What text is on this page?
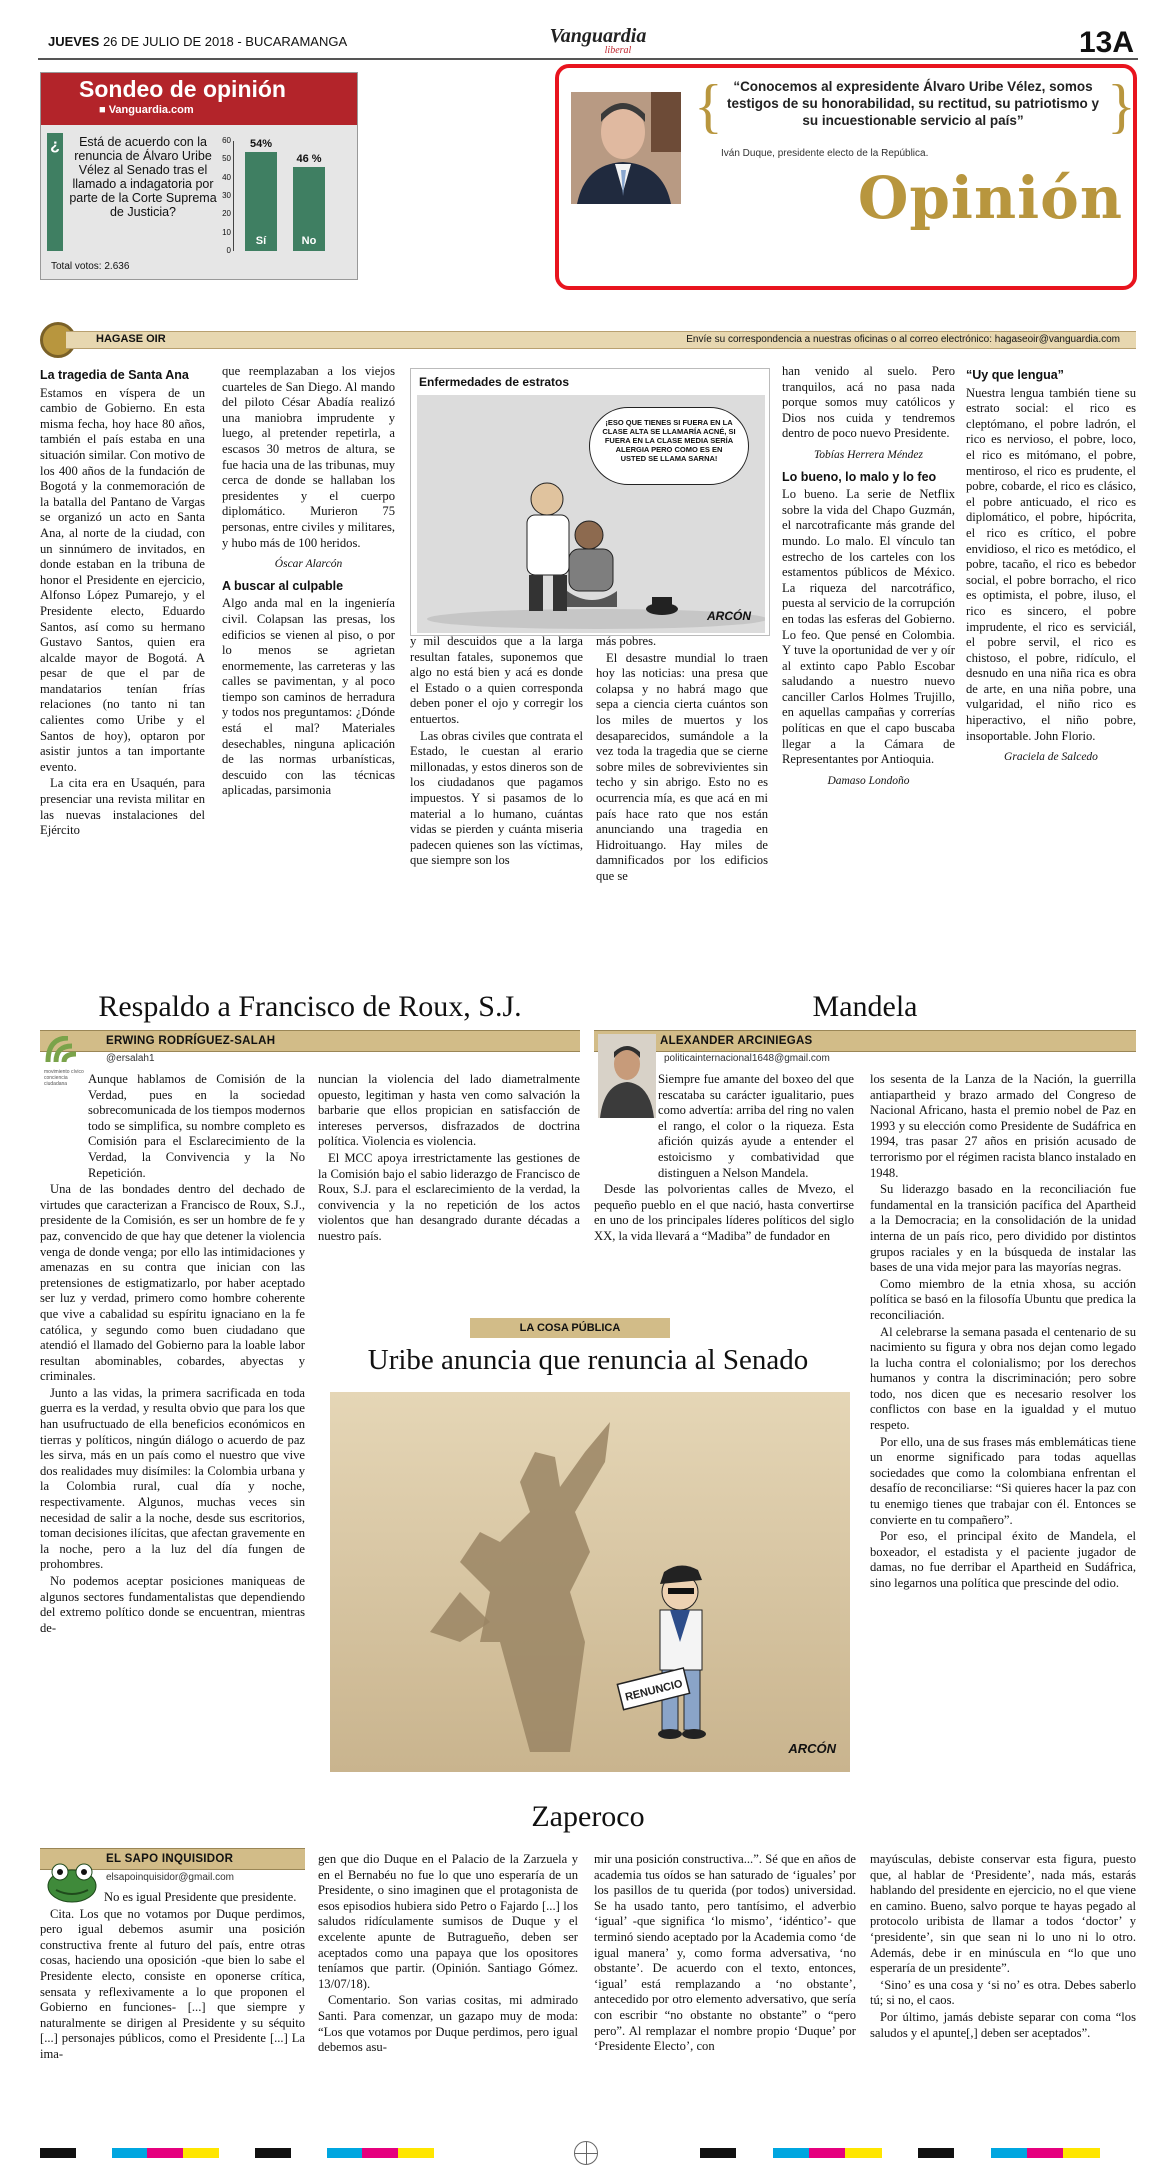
JUEVES 26 DE JULIO DE 2018 - BUCARAMANGA	Vanguardia
liberal	13A
Sondeo de opinión
■ Vanguardia.com
¿	Está de acuerdo con la renuncia de Álvaro Uribe Vélez al Senado tras el llamado a indagatoria por parte de la Corte Suprema de Justicia?
0
10
20
30
40
50
60	54%
Sí
46 %
No
Total votos: 2.636
{	}
“Conocemos al expresidente Álvaro Uribe Vélez, somos testigos de su honorabilidad, su rectitud, su patriotismo y su incuestionable servicio al país”
Iván Duque, presidente electo de la República.
Opinión
HAGASE OIR	Envíe su correspondencia a nuestras oficinas o al correo electrónico: hagaseoir@vanguardia.com
La tragedia de Santa Ana

Estamos en víspera de un cambio de Gobierno. En esta misma fecha, hoy hace 80 años, también el país estaba en una situación similar. Con motivo de los 400 años de la fundación de Bogotá y la conmemoración de la batalla del Pantano de Vargas se organizó un acto en Santa Ana, al norte de la ciudad, con un sinnúmero de invitados, en donde estaban en la tribuna de honor el Presidente en ejercicio, Alfonso López Pumarejo, y el Presidente electo, Eduardo Santos, así como su hermano Gustavo Santos, quien era alcalde mayor de Bogotá. A pesar de que el par de mandatarios tenían frías relaciones (no tanto ni tan calientes como Uribe y el Santos de hoy), optaron por asistir juntos a tan importante evento.

La cita era en Usaquén, para presenciar una revista militar en las nuevas instalaciones del Ejército

que reemplazaban a los viejos cuarteles de San Diego. Al mando del piloto César Abadía realizó una maniobra imprudente y luego, al pretender repetirla, a escasos 30 metros de altura, se fue hacia una de las tribunas, muy cerca de donde se hallaban los presidentes y el cuerpo diplomático. Murieron 75 personas, entre civiles y militares, y hubo más de 100 heridos.

Óscar Alarcón

A buscar al culpable

Algo anda mal en la ingeniería civil. Colapsan las presas, los edificios se vienen al piso, o por lo menos se agrietan enormemente, las carreteras y las calles se pavimentan, y al poco tiempo son caminos de herradura y todos nos preguntamos: ¿Dónde está el mal? Materiales desechables, ninguna aplicación de las normas urbanísticas, descuido con las técnicas aplicadas, parsimonia

Enfermedades de estratos
¡ESO QUE TIENES SI FUERA EN LA CLASE ALTA SE LLAMARÍA ACNÉ, SI FUERA EN LA CLASE MEDIA SERÍA ALERGIA PERO COMO ES EN USTED SE LLAMA SARNA!
ARCÓN

y mil descuidos que a la larga resultan fatales, suponemos que algo no está bien y acá es donde el Estado o a quien corresponda deben poner el ojo y corregir los entuertos.

Las obras civiles que contrata el Estado, le cuestan al erario millonadas, y estos dineros son de los ciudadanos que pagamos impuestos. Y si pasamos de lo material a lo humano, cuántas vidas se pierden y cuánta miseria padecen quienes son las víctimas, que siempre son los

más pobres.

El desastre mundial lo traen hoy las noticias: una presa que colapsa y no habrá mago que sepa a ciencia cierta cuántos son los miles de muertos y los desaparecidos, sumándole a la vez toda la tragedia que se cierne sobre miles de sobrevivientes sin techo y sin abrigo. Esto no es ocurrencia mía, es que acá en mi país hace rato que nos están anunciando una tragedia en Hidroituango. Hay miles de damnificados por los edificios que se

han venido al suelo. Pero tranquilos, acá no pasa nada porque somos muy católicos y Dios nos cuida y tendremos dentro de poco nuevo Presidente.

Tobías Herrera Méndez

Lo bueno, lo malo y lo feo

Lo bueno. La serie de Netflix sobre la vida del Chapo Guzmán, el narcotraficante más grande del mundo. Lo malo. El vínculo tan estrecho de los carteles con los estamentos públicos de México. La riqueza del narcotráfico, puesta al servicio de la corrupción en todas las esferas del Gobierno. Lo feo. Que pensé en Colombia. Y tuve la oportunidad de ver y oír al extinto capo Pablo Escobar saludando a nuestro nuevo canciller Carlos Holmes Trujillo, en aquellas campañas y correrías políticas en que el capo buscaba llegar a la Cámara de Representantes por Antioquia.

Damaso Londoño

“Uy que lengua”

Nuestra lengua también tiene su estrato social: el rico es cleptómano, el pobre ladrón, el rico es nervioso, el pobre, loco, el rico es mitómano, el pobre, mentiroso, el rico es prudente, el pobre, cobarde, el rico es clásico, el pobre anticuado, el rico es diplomático, el pobre, hipócrita, el rico es crítico, el pobre envidioso, el rico es metódico, el pobre, tacaño, el rico es bebedor social, el pobre borracho, el rico es optimista, el pobre, iluso, el rico es sincero, el pobre imprudente, el rico es serviciál, el pobre servil, el rico es chistoso, el pobre, ridículo, el desnudo en una niña rica es obra de arte, en una niña pobre, una vulgaridad, el niño rico es hiperactivo, el niño pobre, insoportable. John Florio.

Graciela de Salcedo

Respaldo a Francisco de Roux, S.J.
ERWING RODRÍGUEZ-SALAH
movimiento cívico conciencia ciudadana
@ersalah1

Aunque hablamos de Comisión de la Verdad, pues en la sociedad sobrecomunicada de los tiempos modernos todo se simplifica, su nombre completo es Comisión para el Esclarecimiento de la Verdad, la Convivencia y la No Repetición.

Una de las bondades dentro del dechado de virtudes que caracterizan a Francisco de Roux, S.J., presidente de la Comisión, es ser un hombre de fe y paz, convencido de que hay que detener la violencia venga de donde venga; por ello las intimidaciones y amenazas en su contra que inician con las pretensiones de estigmatizarlo, por haber aceptado ser luz y verdad, primero como hombre coherente que vive a cabalidad su espíritu ignaciano en la fe católica, y segundo como buen ciudadano que atendió el llamado del Gobierno para la loable labor resultan abominables, cobardes, abyectas y criminales.

Junto a las vidas, la primera sacrificada en toda guerra es la verdad, y resulta obvio que para los que han usufructuado de ella beneficios económicos en tierras y políticos, ningún diálogo o acuerdo de paz les sirva, más en un país como el nuestro que vive dos realidades muy disímiles: la Colombia urbana y la Colombia rural, cual día y noche, respectivamente. Algunos, muchas veces sin necesidad de salir a la noche, desde sus escritorios, toman decisiones ilícitas, que afectan gravemente en la noche, pero a la luz del día fungen de prohombres.

No podemos aceptar posiciones maniqueas de algunos sectores fundamentalistas que dependiendo del extremo político donde se encuentran, mientras de-

nuncian la violencia del lado diametralmente opuesto, legitiman y hasta ven como salvación la barbarie que ellos propician en satisfacción de intereses perversos, disfrazados de doctrina política. Violencia es violencia.

El MCC apoya irrestrictamente las gestiones de la Comisión bajo el sabio liderazgo de Francisco de Roux, S.J. para el esclarecimiento de la verdad, la convivencia y la no repetición de los actos violentos que han desangrado durante décadas a nuestro país.

Mandela
ALEXANDER ARCINIEGAS
politicainternacional1648@gmail.com

Siempre fue amante del boxeo del que rescataba su carácter igualitario, pues como advertía: arriba del ring no valen el rango, el color o la riqueza. Esta afición quizás ayude a entender el estoicismo y combatividad que distinguen a Nelson Mandela.

Desde las polvorientas calles de Mvezo, el pequeño pueblo en el que nació, hasta convertirse en uno de los principales líderes políticos del siglo XX, la vida llevará a “Madiba” de fundador en

los sesenta de la Lanza de la Nación, la guerrilla antiapartheid y brazo armado del Congreso de Nacional Africano, hasta el premio nobel de Paz en 1993 y su elección como Presidente de Sudáfrica en 1994, tras pasar 27 años en prisión acusado de terrorismo por el régimen racista blanco instalado en 1948.

Su liderazgo basado en la reconciliación fue fundamental en la transición pacífica del Apartheid a la Democracia; en la consolidación de la unidad interna de un país rico, pero dividido por distintos grupos raciales y en la búsqueda de instalar las bases de una vida mejor para las mayorías negras.

Como miembro de la etnia xhosa, su acción política se basó en la filosofía Ubuntu que predica la reconciliación.

Al celebrarse la semana pasada el centenario de su nacimiento su figura y obra nos dejan como legado la lucha contra el colonialismo; por los derechos humanos y contra la discriminación; pero sobre todo, nos dicen que es necesario resolver los conflictos con base en la igualdad y el mutuo respeto.

Por ello, una de sus frases más emblemáticas tiene un enorme significado para todas aquellas sociedades que como la colombiana enfrentan el desafío de reconciliarse: “Si quieres hacer la paz con tu enemigo tienes que trabajar con él. Entonces se convierte en tu compañero”.

Por eso, el principal éxito de Mandela, el boxeador, el estadista y el paciente jugador de damas, no fue derribar el Apartheid en Sudáfrica, sino legarnos una política que prescinde del odio.

LA COSA PÚBLICA
Uribe anuncia que renuncia al Senado
RENUNCIO
ARCÓN
Zaperoco
EL SAPO INQUISIDOR
elsapoinquisidor@gmail.com

No es igual Presidente que presidente.

Cita. Los que no votamos por Duque perdimos, pero igual debemos asumir una posición constructiva frente al futuro del país, entre otras cosas, haciendo una oposición -que bien lo sabe el Presidente electo, consiste en oponerse crítica, sensata y reflexivamente a lo que proponen el Gobierno en funciones- [...] que siempre y naturalmente se dirigen al Presidente y su séquito [...] personajes públicos, como el Presidente [...] La ima-

gen que dio Duque en el Palacio de la Zarzuela y en el Bernabéu no fue lo que uno esperaría de un Presidente, o sino imaginen que el protagonista de esos episodios hubiera sido Petro o Fajardo [...] los saludos ridículamente sumisos de Duque y el excelente apunte de Butragueño, deben ser aceptados como una papaya que los opositores teníamos que partir. (Opinión. Santiago Gómez. 13/07/18).

Comentario. Son varias cositas, mi admirado Santi. Para comenzar, un gazapo muy de moda: “Los que votamos por Duque perdimos, pero igual debemos asu-

mir una posición constructiva...”. Sé que en años de academia tus oídos se han saturado de ‘iguales’ por los pasillos de tu querida (por todos) universidad. Se ha usado tanto, pero tantísimo, el adverbio ‘igual’ -que significa ‘lo mismo’, ‘idéntico’- que terminó siendo aceptado por la Academia como ‘de igual manera’ y, como forma adversativa, ‘no obstante’. De acuerdo con el texto, entonces, ‘igual’ está remplazando a ‘no obstante’, antecedido por otro elemento adversativo, que sería con escribir “no obstante no obstante” o “pero pero”. Al remplazar el nombre propio ‘Duque’ por ‘Presidente Electo’, con

mayúsculas, debiste conservar esta figura, puesto que, al hablar de ‘Presidente’, nada más, estarás hablando del presidente en ejercicio, no el que viene en camino. Bueno, salvo porque te hayas pegado al protocolo uribista de llamar a todos ‘doctor’ y ‘presidente’, sin que sean ni lo uno ni lo otro. Además, debe ir en minúscula en “lo que uno esperaría de un presidente”.

‘Sino’ es una cosa y ‘si no’ es otra. Debes saberlo tú; si no, el caos.

Por último, jamás debiste separar con coma “los saludos y el apunte[,] deben ser aceptados”.
